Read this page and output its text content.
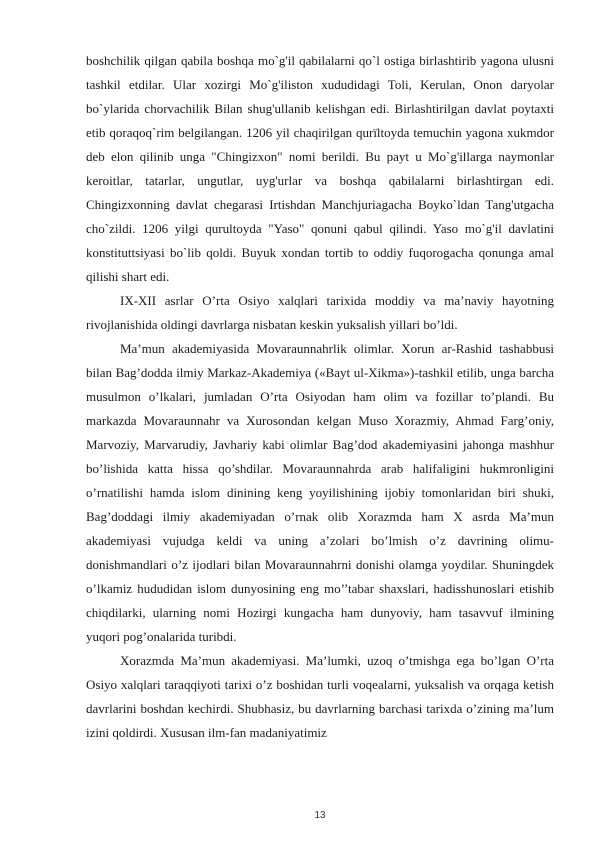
boshchilik qilgan qabila boshqa mo`g'il qabilalarni qo`l ostiga birlashtirib yagona ulusni tashkil etdilar. Ular xozirgi Mo`g'iliston xududidagi Toli, Kerulan, Onon daryolar bo`ylarida chorvachilik Bilan shug'ullanib kelishgan edi. Birlashtirilgan davlat poytaxti etib qoraqoq`rim belgilangan. 1206 yil chaqirilgan qurïltoyda temuchin yagona xukmdor deb elon qilinib unga "Chingizxon" nomi berildi. Bu payt u Mo`g'illarga naymonlar keroitlar, tatarlar, ungutlar, uyg'urlar va boshqa qabilalarni birlashtirgan edi. Chingizxonning davlat chegarasi Irtishdan Manchjuriagacha Boyko`ldan Tang'utgacha cho`zildi. 1206 yilgi qurultoyda "Yaso" qonuni qabul qilindi. Yaso mo`g'il davlatini konstituttsiyasi bo`lib qoldi. Buyuk xondan tortib to oddiy fuqorogacha qonunga amal qilishi shart edi.

IX-XII asrlar O’rta Osiyo xalqlari tarixida moddiy va ma’naviy hayotning rivojlanishida oldingi davrlarga nisbatan keskin yuksalish yillari bo’ldi.

Ma’mun akademiyasida Movaraunnahrlik olimlar. Xorun ar-Rashid tashabbusi bilan Bag’dodda ilmiy Markaz-Akademiya («Bayt ul-Xikma»)-tashkil etilib, unga barcha musulmon o’lkalari, jumladan O’rta Osiyodan ham olim va fozillar to’plandi. Bu markazda Movaraunnahr va Xurosondan kelgan Muso Xorazmiy, Ahmad Farg’oniy, Marvoziy, Marvarudiy, Javhariy kabi olimlar Bag’dod akademiyasini jahonga mashhur bo’lishida katta hissa qo’shdilar. Movaraunnahrda arab halifaligini hukmronligini o’rnatilishi hamda islom dinining keng yoyilishining ijobiy tomonlaridan biri shuki, Bag’doddagi ilmiy akademiyadan o’rnak olib Xorazmda ham X asrda Ma’mun akademiyasi vujudga keldi va uning a’zolari bo’lmish o’z davrining olimu-donishmandlari o’z ijodlari bilan Movaraunnahrni donishi olamga yoydilar. Shuningdek o’lkamiz hududidan islom dunyosining eng mo’’tabar shaxslari, hadisshunoslari etishib chiqdilarki, ularning nomi Hozirgi kungacha ham dunyoviy, ham tasavvuf ilmining yuqori pog’onalarida turibdi.

Xorazmda Ma’mun akademiyasi. Ma’lumki, uzoq o’tmishga ega bo’lgan O’rta Osiyo xalqlari taraqqiyoti tarixi o’z boshidan turli voqealarni, yuksalish va orqaga ketish davrlarini boshdan kechirdi. Shubhasiz, bu davrlarning barchasi tarixda o’zining ma’lum izini qoldirdi. Xususan ilm-fan madaniyatimiz

13
